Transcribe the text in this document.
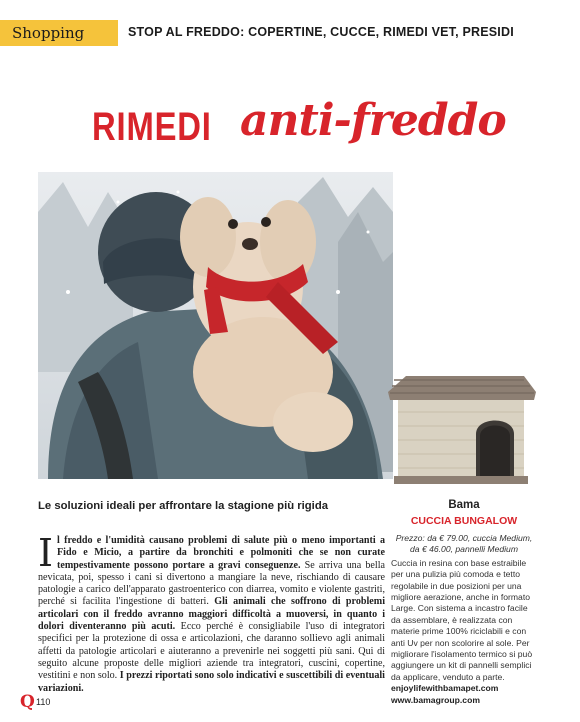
Shopping	STOP AL FREDDO: COPERTINE, CUCCE, RIMEDI VET, PRESIDI
RIMEDI anti-freddo
Le soluzioni ideali per affrontare la stagione più rigida
Il freddo e l'umidità causano problemi di salute più o meno importanti a Fido e Micio, a partire da bronchiti e polmoniti che se non curate tempestivamente possono portare a gravi conseguenze. Se arriva una bella nevicata, poi, spesso i cani si divertono a mangiare la neve, rischiando di causare patologie a carico dell'apparato gastroenterico con diarrea, vomito e violente gastriti, perché si facilita l'ingestione di batteri. Gli animali che soffrono di problemi articolari con il freddo avranno maggiori difficoltà a muoversi, in quanto i dolori diventeranno più acuti. Ecco perché è consigliabile l'uso di integratori specifici per la protezione di ossa e articolazioni, che daranno sollievo agli animali affetti da patologie articolari e aiuteranno a prevenirle nei soggetti più sani. Qui di seguito alcune proposte delle migliori aziende tra integratori, cuscini, copertine, vestitini e non solo. I prezzi riportati sono solo indicativi e suscettibili di eventuali variazioni.
Bama
CUCCIA BUNGALOW
Prezzo: da € 79.00, cuccia Medium,
da € 46.00, pannelli Medium
Cuccia in resina con base estraibile per una pulizia più comoda e tetto regolabile in due posizioni per una migliore aerazione, anche in formato Large. Con sistema a incastro facile da assemblare, è realizzata con materie prime 100% riciclabili e con anti Uv per non scolorire al sole. Per migliorare l'isolamento termico si può aggiungere un kit di pannelli semplici da applicare, venduto a parte.
enjoylifewithbamapet.com
www.bamagroup.com
Q 110
